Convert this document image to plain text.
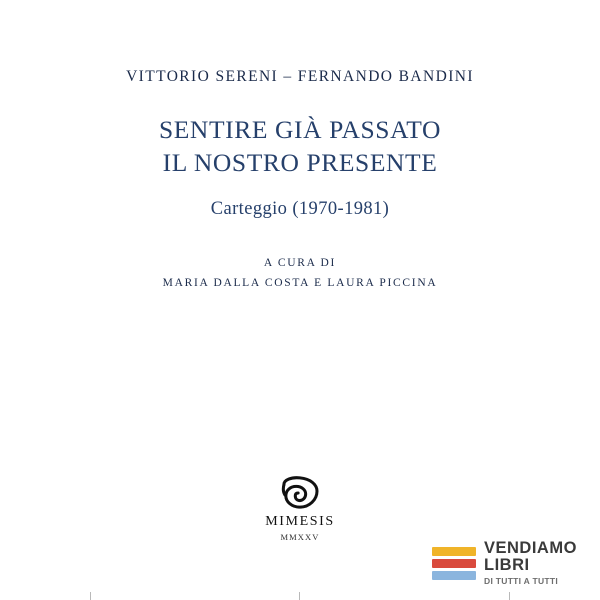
VITTORIO SERENI – FERNANDO BANDINI
SENTIRE GIÀ PASSATO
IL NOSTRO PRESENTE
Carteggio (1970-1981)
A CURA DI
MARIA DALLA COSTA E LAURA PICCINA
MIMESIS
MMXXV
VENDIAMO
LIBRI
DI TUTTI A TUTTI
